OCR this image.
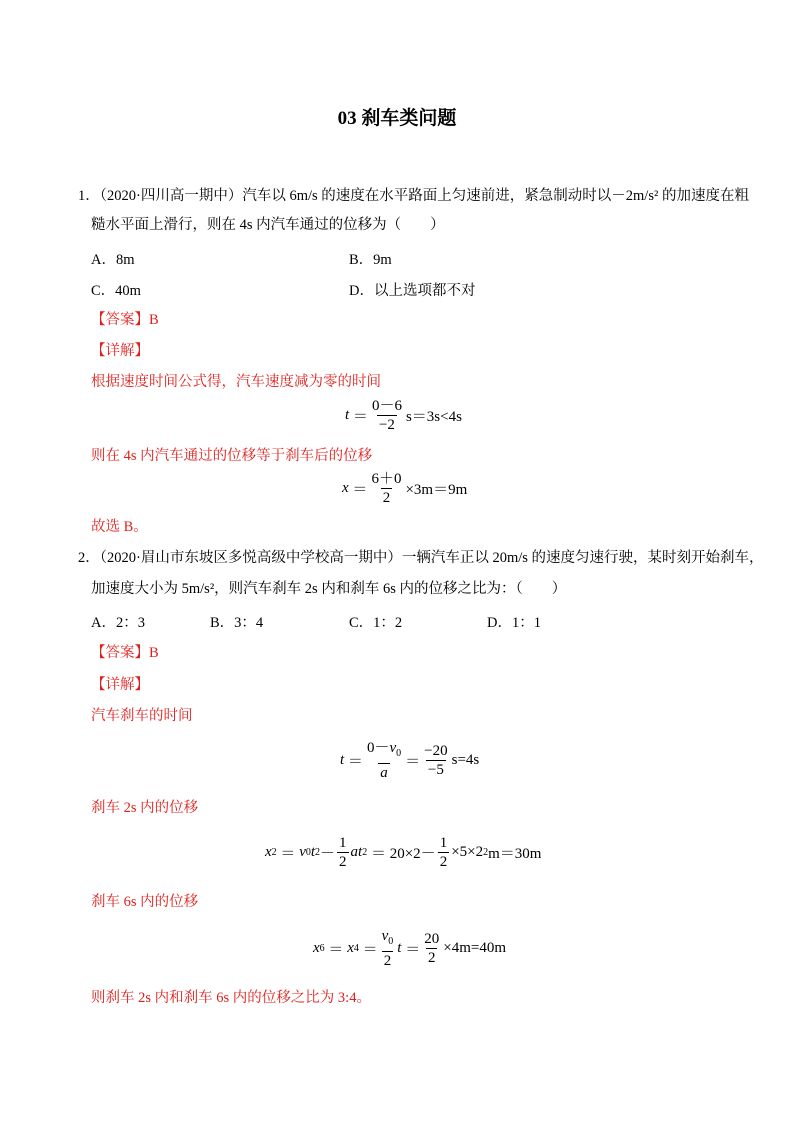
03 刹车类问题
1．（2020·四川高一期中）汽车以 6m/s 的速度在水平路面上匀速前进，紧急制动时以－2m/s² 的加速度在粗
糙水平面上滑行，则在 4s 内汽车通过的位移为（　　）
A．8m	B．9m
C．40m	D．以上选项都不对
【答案】B
【详解】
根据速度时间公式得，汽车速度减为零的时间
$t = \frac{0-6}{-2} s=3s<4s$
则在 4s 内汽车通过的位移等于刹车后的位移
$x = \frac{6+0}{2} \times 3m=9m$
故选 B。
2．（2020·眉山市东坡区多悦高级中学校高一期中）一辆汽车正以 20m/s 的速度匀速行驶，某时刻开始刹车，
加速度大小为 5m/s²，则汽车刹车 2s 内和刹车 6s 内的位移之比为：（　　）
A．2：3	B．3：4	C．1：2	D．1：1
【答案】B
【详解】
汽车刹车的时间
$t = \frac{0-v_0}{a} = \frac{-20}{-5} s=4s$
刹车 2s 内的位移
x 2 ＝ v 0 t $2 - \frac{1}{2}$ at $2 = 20\times 2- \frac{1}{2} \times 5\times 2$ 2 m＝30m
刹车 6s 内的位移
x 6 ＝ x $4 = \frac{v_0}{2}$ $t = \frac{20}{2} \times 4m=40m$
则刹车 2s 内和刹车 6s 内的位移之比为 3:4。
